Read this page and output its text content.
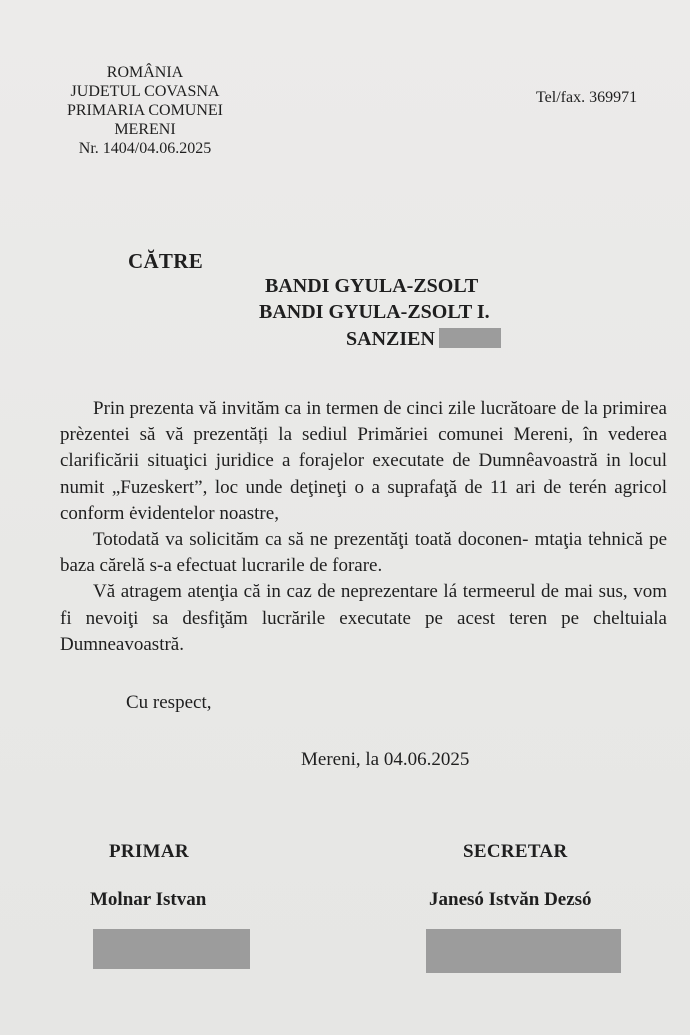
ROMÂNIA
JUDETUL COVASNA
PRIMARIA COMUNEI
MERENI
Nr. 1404/04.06.2025
Tel/fax. 369971
CĂTRE
BANDI GYULA-ZSOLT
BANDI GYULA-ZSOLT I.
SANZIEN

Prin prezenta vă invităm ca in termen de cinci zile lucrătoare de la primirea prèzentei să vă prezentăți la sediul Primăriei comunei Mereni, în vederea clarificării situaţici juridice a forajelor executate de Dumnêavoastră in locul numit „Fuzeskert”, loc unde deţineţi o a suprafaţă de 11 ari de terén agricol conform ėvidentelor noastre,

Totodată va solicităm ca să ne prezentăţi toată doconen- mtaţia tehnică pe baza cărelă s-a efectuat lucrarile de forare.

Vă atragem atenţia că in caz de neprezentare lá termeerul de mai sus, vom fi nevoiţi sa desfiţăm lucrările executate pe acest teren pe cheltuiala Dumneavoastră.

Cu respect,
Mereni, la 04.06.2025
PRIMAR	SECRETAR
Molnar Istvan	Janesó Istvăn Dezsó
